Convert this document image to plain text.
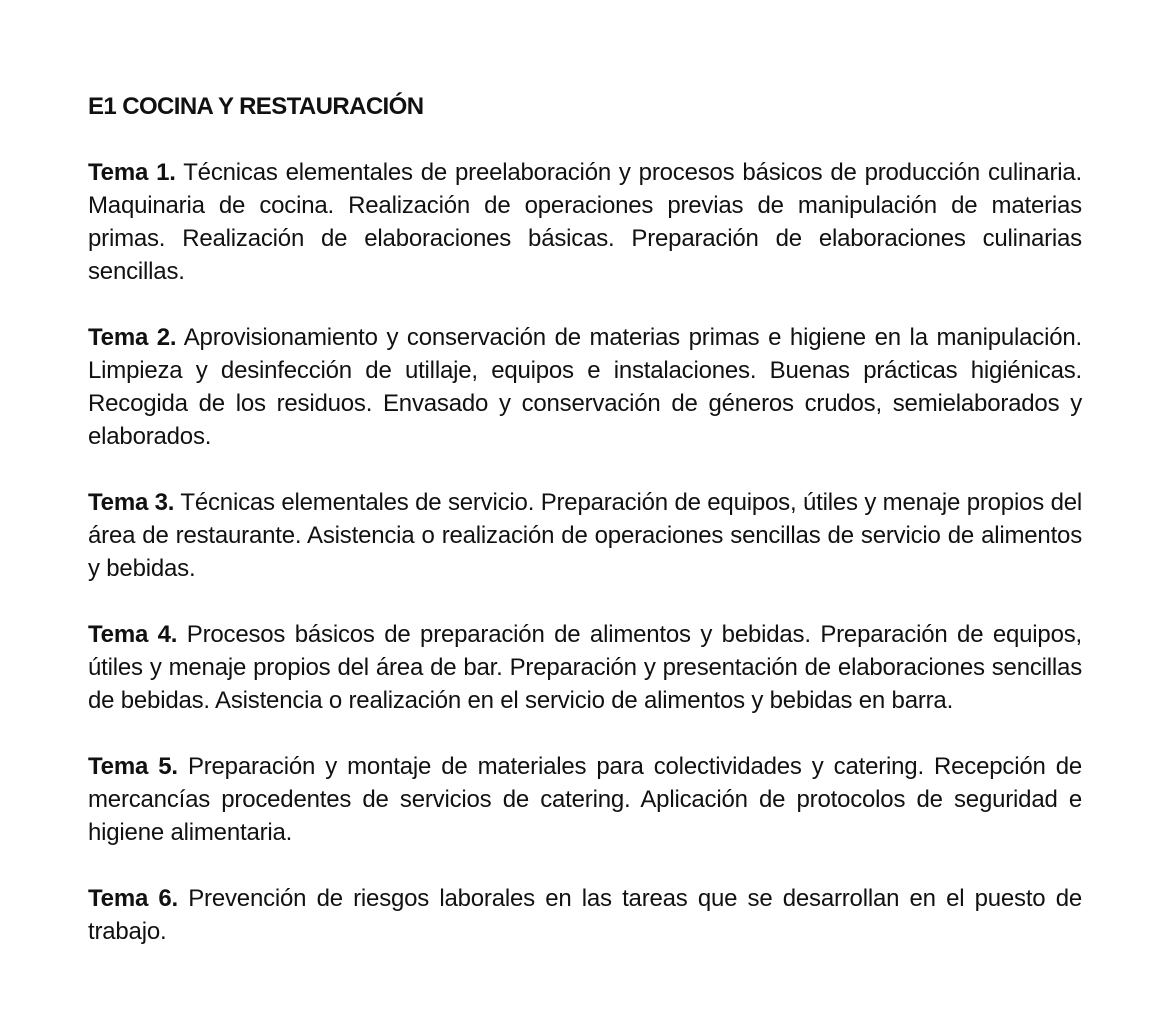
E1 COCINA Y RESTAURACIÓN

Tema 1. Técnicas elementales de preelaboración y procesos básicos de producción culinaria. Maquinaria de cocina. Realización de operaciones previas de manipulación de materias primas. Realización de elaboraciones básicas. Preparación de elaboraciones culinarias sencillas.

Tema 2. Aprovisionamiento y conservación de materias primas e higiene en la manipulación. Limpieza y desinfección de utillaje, equipos e instalaciones. Buenas prácticas higiénicas. Recogida de los residuos. Envasado y conservación de géneros crudos, semielaborados y elaborados.

Tema 3. Técnicas elementales de servicio. Preparación de equipos, útiles y menaje propios del área de restaurante. Asistencia o realización de operaciones sencillas de servicio de alimentos y bebidas.

Tema 4. Procesos básicos de preparación de alimentos y bebidas. Preparación de equipos, útiles y menaje propios del área de bar. Preparación y presentación de elaboraciones sencillas de bebidas. Asistencia o realización en el servicio de alimentos y bebidas en barra.

Tema 5. Preparación y montaje de materiales para colectividades y catering. Recepción de mercancías procedentes de servicios de catering. Aplicación de protocolos de seguridad e higiene alimentaria.

Tema 6. Prevención de riesgos laborales en las tareas que se desarrollan en el puesto de trabajo.
